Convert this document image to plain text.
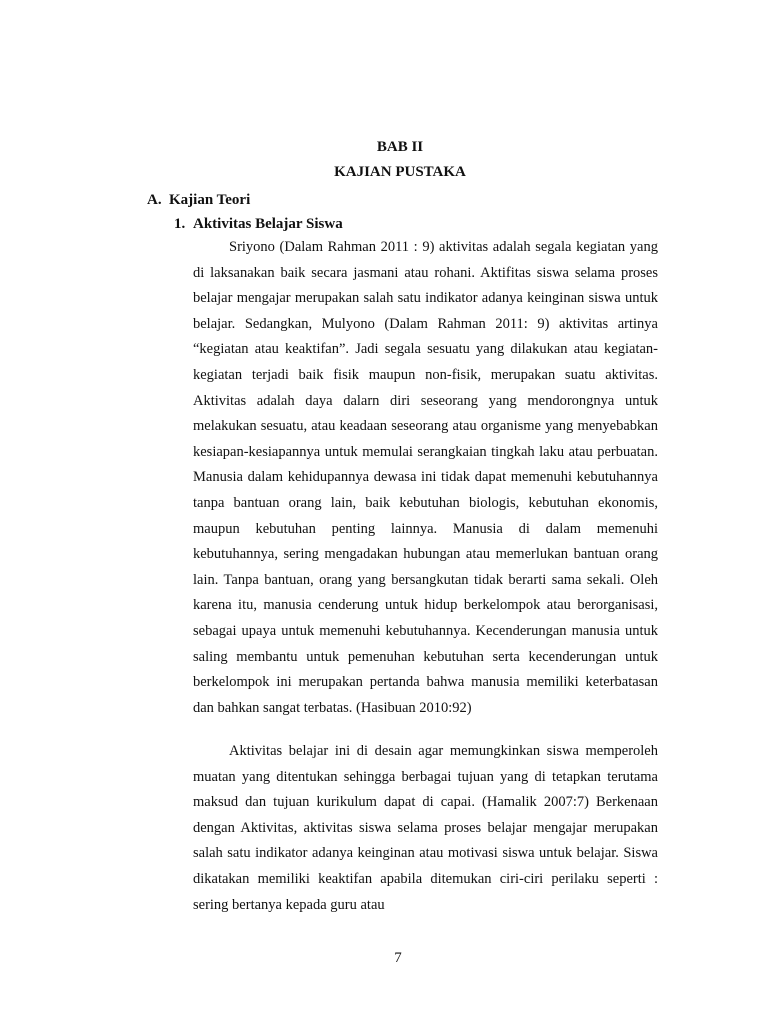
BAB II
KAJIAN PUSTAKA
A. Kajian Teori
1. Aktivitas Belajar Siswa

Sriyono (Dalam Rahman 2011 : 9) aktivitas adalah segala kegiatan yang di laksanakan baik secara jasmani atau rohani. Aktifitas siswa selama proses belajar mengajar merupakan salah satu indikator adanya keinginan siswa untuk belajar. Sedangkan, Mulyono (Dalam Rahman 2011: 9) aktivitas artinya “kegiatan atau keaktifan”. Jadi segala sesuatu yang dilakukan atau kegiatan-kegiatan terjadi baik fisik maupun non-fisik, merupakan suatu aktivitas. Aktivitas adalah daya dalarn diri seseorang yang mendorongnya untuk melakukan sesuatu, atau keadaan seseorang atau organisme yang menyebabkan kesiapan-kesiapannya untuk memulai serangkaian tingkah laku atau perbuatan. Manusia dalam kehidupannya dewasa ini tidak dapat memenuhi kebutuhannya tanpa bantuan orang lain, baik kebutuhan biologis, kebutuhan ekonomis, maupun kebutuhan penting lainnya. Manusia di dalam memenuhi kebutuhannya, sering mengadakan hubungan atau memerlukan bantuan orang lain. Tanpa bantuan, orang yang bersangkutan tidak berarti sama sekali. Oleh karena itu, manusia cenderung untuk hidup berkelompok atau berorganisasi, sebagai upaya untuk memenuhi kebutuhannya. Kecenderungan manusia untuk saling membantu untuk pemenuhan kebutuhan serta kecenderungan untuk berkelompok ini merupakan pertanda bahwa manusia memiliki keterbatasan dan bahkan sangat terbatas. (Hasibuan 2010:92)

Aktivitas belajar ini di desain agar memungkinkan siswa memperoleh muatan yang ditentukan sehingga berbagai tujuan yang di tetapkan terutama maksud dan tujuan kurikulum dapat di capai. (Hamalik 2007:7) Berkenaan dengan Aktivitas, aktivitas siswa selama proses belajar mengajar merupakan salah satu indikator adanya keinginan atau motivasi siswa untuk belajar. Siswa dikatakan memiliki keaktifan apabila ditemukan ciri-ciri perilaku seperti : sering bertanya kepada guru atau

7
